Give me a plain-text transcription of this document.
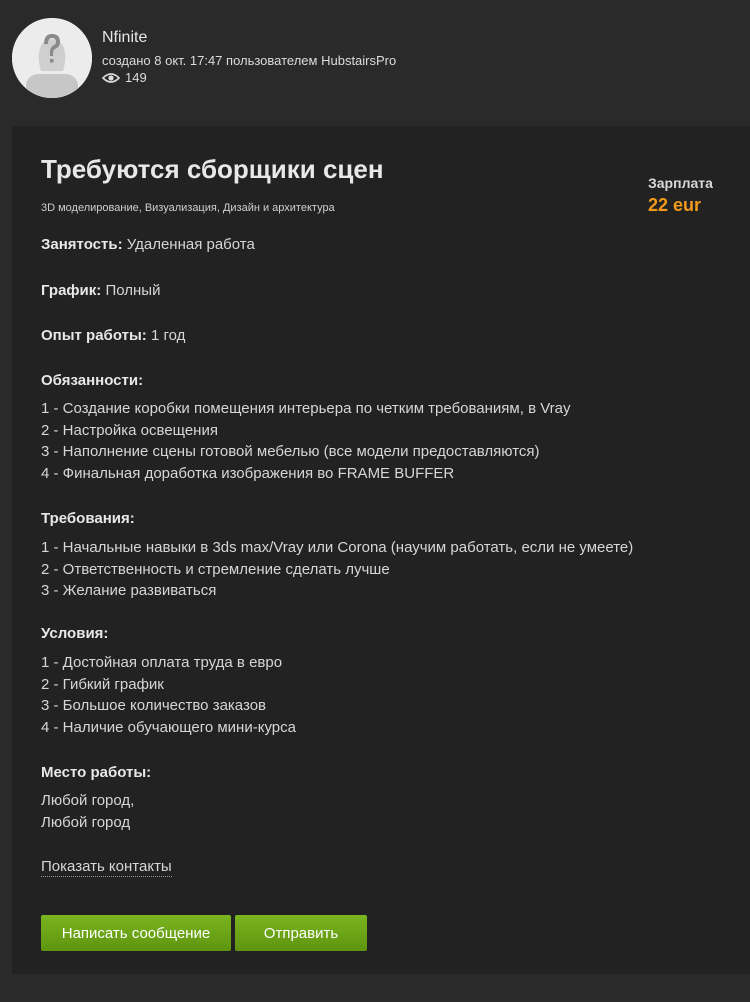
Nfinite
создано 8 окт. 17:47 пользователем HubstairsPro
149
Требуются сборщики сцен
3D моделирование, Визуализация, Дизайн и архитектура
Зарплата
22 eur
Занятость: Удаленная работа
График: Полный
Опыт работы: 1 год
Обязанности:
1 - Создание коробки помещения интерьера по четким требованиям, в Vray
2 - Настройка освещения
3 - Наполнение сцены готовой мебелью (все модели предоставляются)
4 - Финальная доработка изображения во FRAME BUFFER
Требования:
1 - Начальные навыки в 3ds max/Vray или Corona (научим работать, если не умеете)
2 - Ответственность и стремление сделать лучше
3 - Желание развиваться
Условия:
1 - Достойная оплата труда в евро
2 - Гибкий график
3 - Большое количество заказов
4 - Наличие обучающего мини-курса
Место работы:
Любой город,
Любой город
Показать контакты
Написать сообщение	Отправить
